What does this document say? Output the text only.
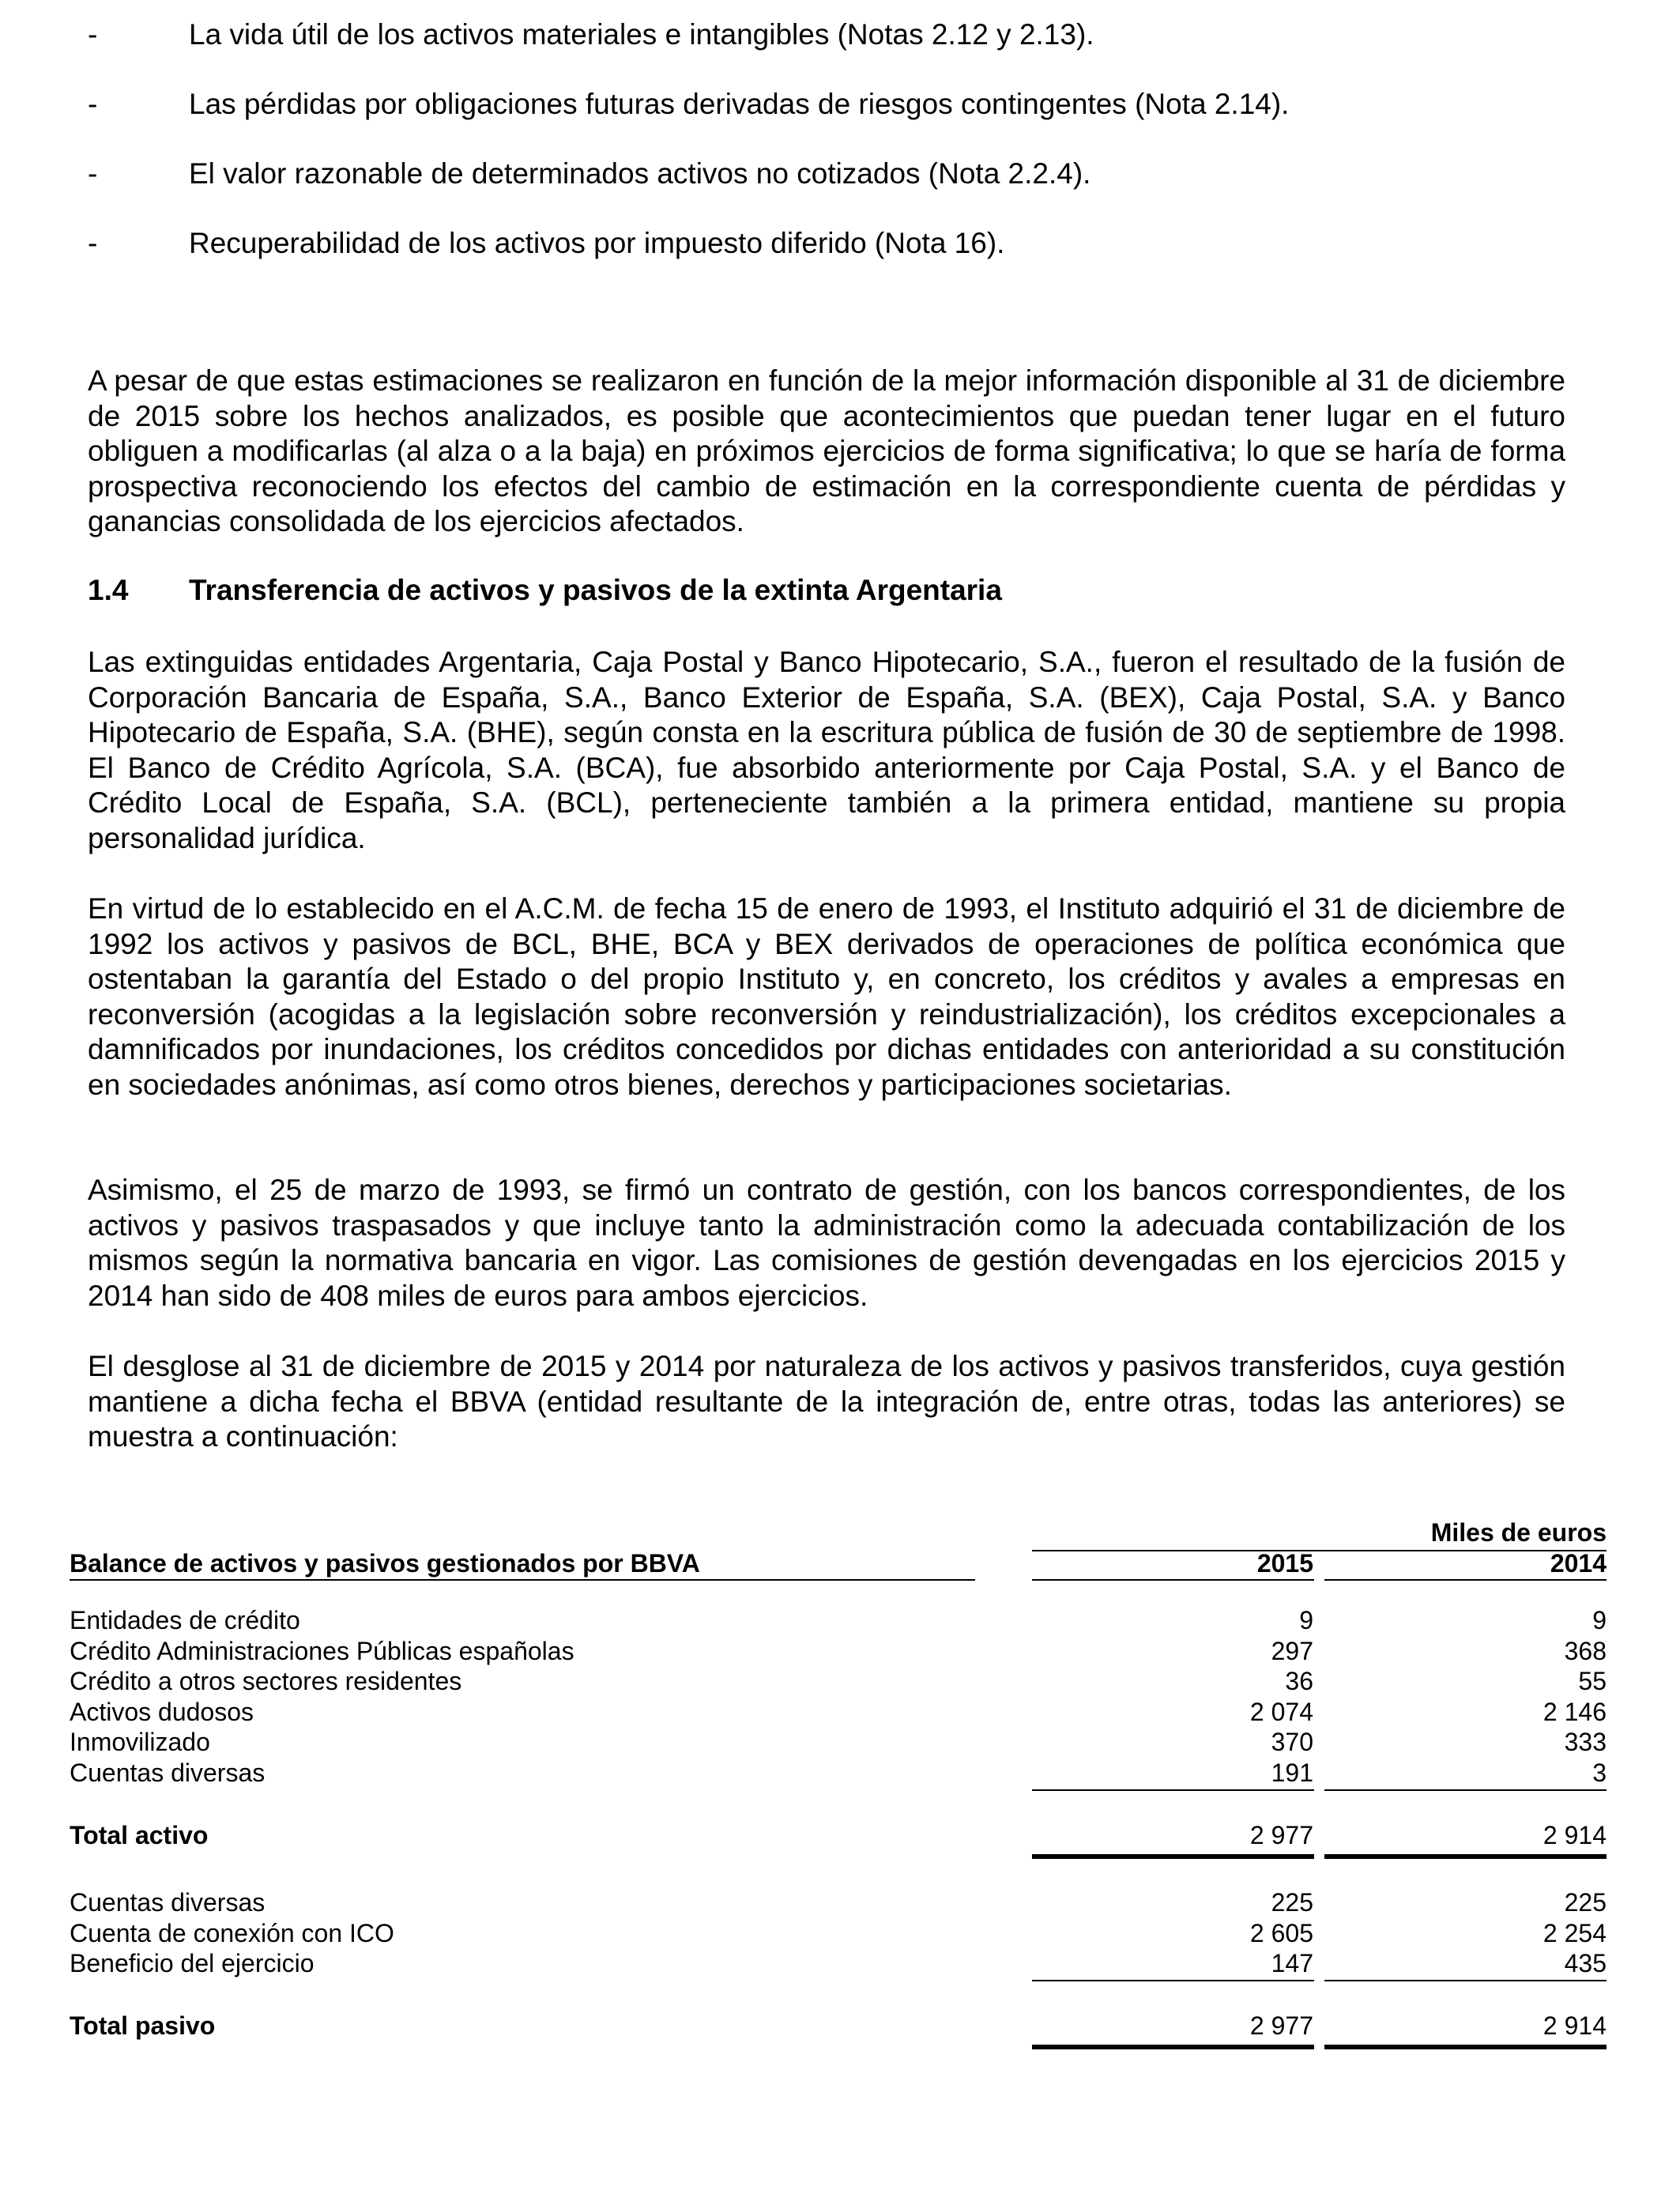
-	La vida útil de los activos materiales e intangibles (Notas 2.12 y 2.13).
-	Las pérdidas por obligaciones futuras derivadas de riesgos contingentes (Nota 2.14).
-	El valor razonable de determinados activos no cotizados (Nota 2.2.4).
-	Recuperabilidad de los activos por impuesto diferido (Nota 16).
A pesar de que estas estimaciones se realizaron en función de la mejor información disponible al 31 de diciembre de 2015 sobre los hechos analizados, es posible que acontecimientos que puedan tener lugar en el futuro obliguen a modificarlas (al alza o a la baja) en próximos ejercicios de forma significativa; lo que se haría de forma prospectiva reconociendo los efectos del cambio de estimación en la correspondiente cuenta de pérdidas y ganancias consolidada de los ejercicios afectados.
1.4 Transferencia de activos y pasivos de la extinta Argentaria
Las extinguidas entidades Argentaria, Caja Postal y Banco Hipotecario, S.A., fueron el resultado de la fusión de Corporación Bancaria de España, S.A., Banco Exterior de España, S.A. (BEX), Caja Postal, S.A. y Banco Hipotecario de España, S.A. (BHE), según consta en la escritura pública de fusión de 30 de septiembre de 1998. El Banco de Crédito Agrícola, S.A. (BCA), fue absorbido anteriormente por Caja Postal, S.A. y el Banco de Crédito Local de España, S.A. (BCL), perteneciente también a la primera entidad, mantiene su propia personalidad jurídica.
En virtud de lo establecido en el A.C.M. de fecha 15 de enero de 1993, el Instituto adquirió el 31 de diciembre de 1992 los activos y pasivos de BCL, BHE, BCA y BEX derivados de operaciones de política económica que ostentaban la garantía del Estado o del propio Instituto y, en concreto, los créditos y avales a empresas en reconversión (acogidas a la legislación sobre reconversión y reindustrialización), los créditos excepcionales a damnificados por inundaciones, los créditos concedidos por dichas entidades con anterioridad a su constitución en sociedades anónimas, así como otros bienes, derechos y participaciones societarias.
Asimismo, el 25 de marzo de 1993, se firmó un contrato de gestión, con los bancos correspondientes, de los activos y pasivos traspasados y que incluye tanto la administración como la adecuada contabilización de los mismos según la normativa bancaria en vigor. Las comisiones de gestión devengadas en los ejercicios 2015 y 2014 han sido de 408 miles de euros para ambos ejercicios.
El desglose al 31 de diciembre de 2015 y 2014 por naturaleza de los activos y pasivos transferidos, cuya gestión mantiene a dicha fecha el BBVA (entidad resultante de la integración de, entre otras, todas las anteriores) se muestra a continuación:
Miles de euros
Balance de activos y pasivos gestionados por BBVA	2015	2014
Entidades de crédito	9	9
Crédito Administraciones Públicas españolas	297	368
Crédito a otros sectores residentes	36	55
Activos dudosos	2 074	2 146
Inmovilizado	370	333
Cuentas diversas	191	3
Total activo	2 977	2 914
Cuentas diversas	225	225
Cuenta de conexión con ICO	2 605	2 254
Beneficio del ejercicio	147	435
Total pasivo	2 977	2 914
